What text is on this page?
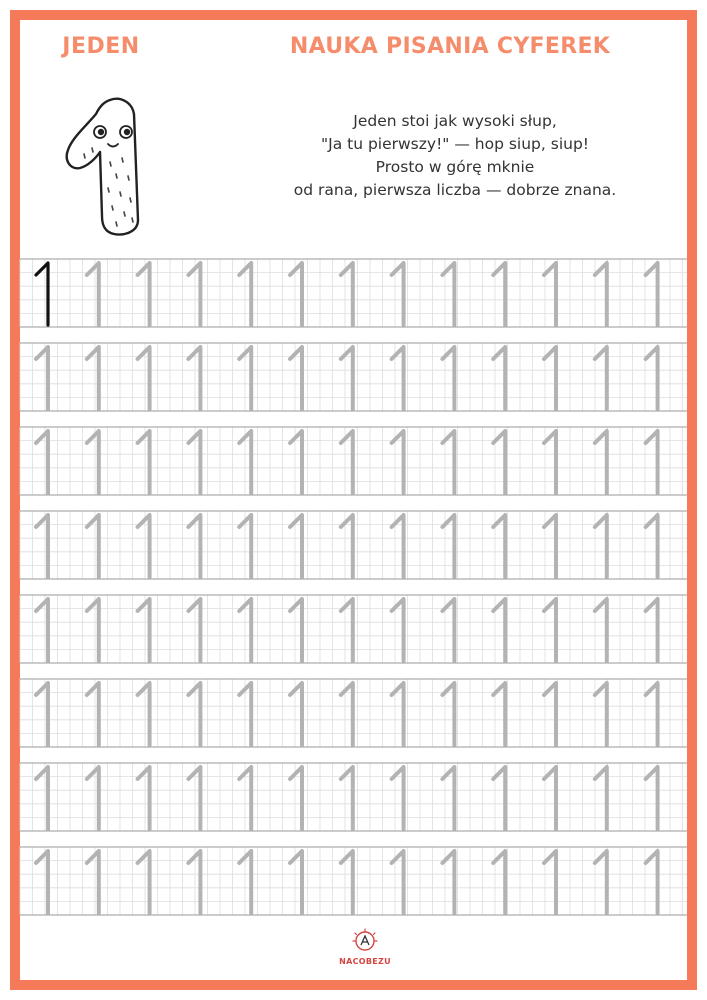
JEDEN	NAUKA PISANIA CYFEREK
Jeden stoi jak wysoki słup,
"Ja tu pierwszy!" — hop siup, siup!
Prosto w górę mknie
od rana, pierwsza liczba — dobrze znana.
NACOBEZU
